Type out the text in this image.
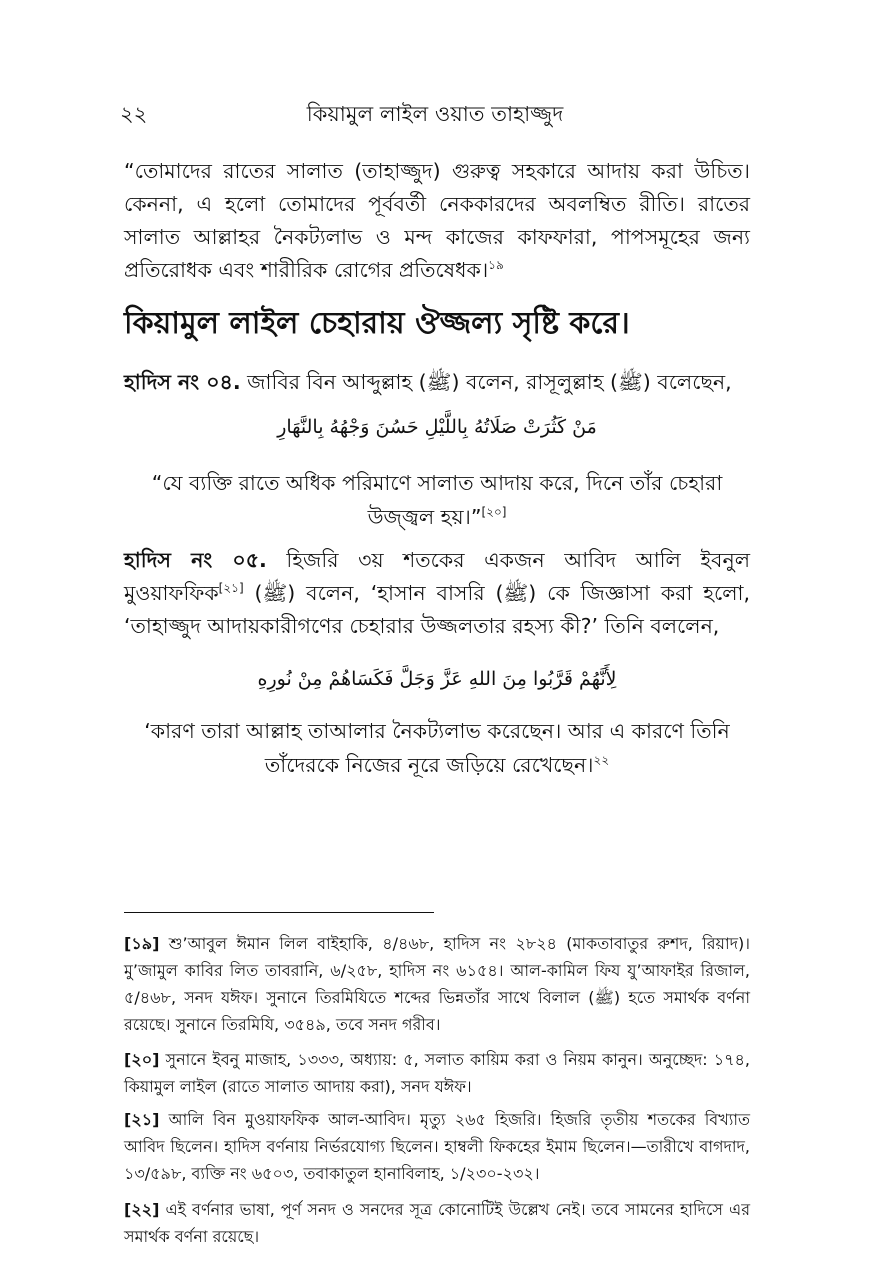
২২	কিয়ামুল লাইল ওয়াত তাহাজ্জুদ

“তোমাদের রাতের সালাত (তাহাজ্জুদ) গুরুত্ব সহকারে আদায় করা উচিত। কেননা, এ হলো তোমাদের পূর্ববর্তী নেককারদের অবলম্বিত রীতি। রাতের সালাত আল্লাহর নৈকট্যলাভ ও মন্দ কাজের কাফফারা, পাপসমূহের জন্য প্রতিরোধক এবং শারীরিক রোগের প্রতিষেধক।$^{১৯}$

কিয়ামুল লাইল চেহারায় ঔজ্জল্য সৃষ্টি করে।

হাদিস নং ০৪. জাবির বিন আব্দুল্লাহ (ﷺ) বলেন, রাসূলুল্লাহ (ﷺ) বলেছেন,

مَنْ كَثُرَتْ صَلَاتُهُ بِاللَّيْلِ حَسُنَ وَجْهُهُ بِالنَّهَارِ
“যে ব্যক্তি রাতে অধিক পরিমাণে সালাত আদায় করে, দিনে তাঁর চেহারা
উজ্জ্বল হয়।”[২০]

হাদিস নং ০৫. হিজরি ৩য় শতকের একজন আবিদ আলি ইবনুল মুওয়াফফিক[২১] (ﷺ) বলেন, ‘হাসান বাসরি (ﷺ) কে জিজ্ঞাসা করা হলো, ‘তাহাজ্জুদ আদায়কারীগণের চেহারার উজ্জলতার রহস্য কী?’ তিনি বললেন,

لِأَنَّهُمْ قَرَّبُوا مِنَ اللهِ عَزَّ وَجَلَّ فَكَسَاهُمْ مِنْ نُورِهِ
‘কারণ তারা আল্লাহ তাআলার নৈকট্যলাভ করেছেন। আর এ কারণে তিনি
তাঁদেরকে নিজের নূরে জড়িয়ে রেখেছেন।$^{২২}$

[১৯] শু’আবুল ঈমান লিল বাইহাকি, ৪/৪৬৮, হাদিস নং ২৮২৪ (মাকতাবাতুর রুশদ, রিয়াদ)। মু’জামুল কাবির লিত তাবরানি, ৬/২৫৮, হাদিস নং ৬১৫৪। আল-কামিল ফিয যু’আফাইর রিজাল, ৫/৪৬৮, সনদ যঈফ। সুনানে তিরমিযিতে শব্দের ভিন্নতাঁর সাথে বিলাল (ﷺ) হতে সমার্থক বর্ণনা রয়েছে। সুনানে তিরমিযি, ৩৫৪৯, তবে সনদ গরীব।

[২০] সুনানে ইবনু মাজাহ, ১৩৩৩, অধ্যায়: ৫, সলাত কায়িম করা ও নিয়ম কানুন। অনুচ্ছেদ: ১৭৪, কিয়ামুল লাইল (রাতে সালাত আদায় করা), সনদ যঈফ।

[২১] আলি বিন মুওয়াফফিক আল-আবিদ। মৃত্যু ২৬৫ হিজরি। হিজরি তৃতীয় শতকের বিখ্যাত আবিদ ছিলেন। হাদিস বর্ণনায় নির্ভরযোগ্য ছিলেন। হাম্বলী ফিকহের ইমাম ছিলেন।—তারীখে বাগদাদ, ১৩/৫৯৮, ব্যক্তি নং ৬৫০৩, তবাকাতুল হানাবিলাহ, ১/২৩০-২৩২।

[২২] এই বর্ণনার ভাষা, পূর্ণ সনদ ও সনদের সূত্র কোনোটিই উল্লেখ নেই। তবে সামনের হাদিসে এর সমার্থক বর্ণনা রয়েছে।
